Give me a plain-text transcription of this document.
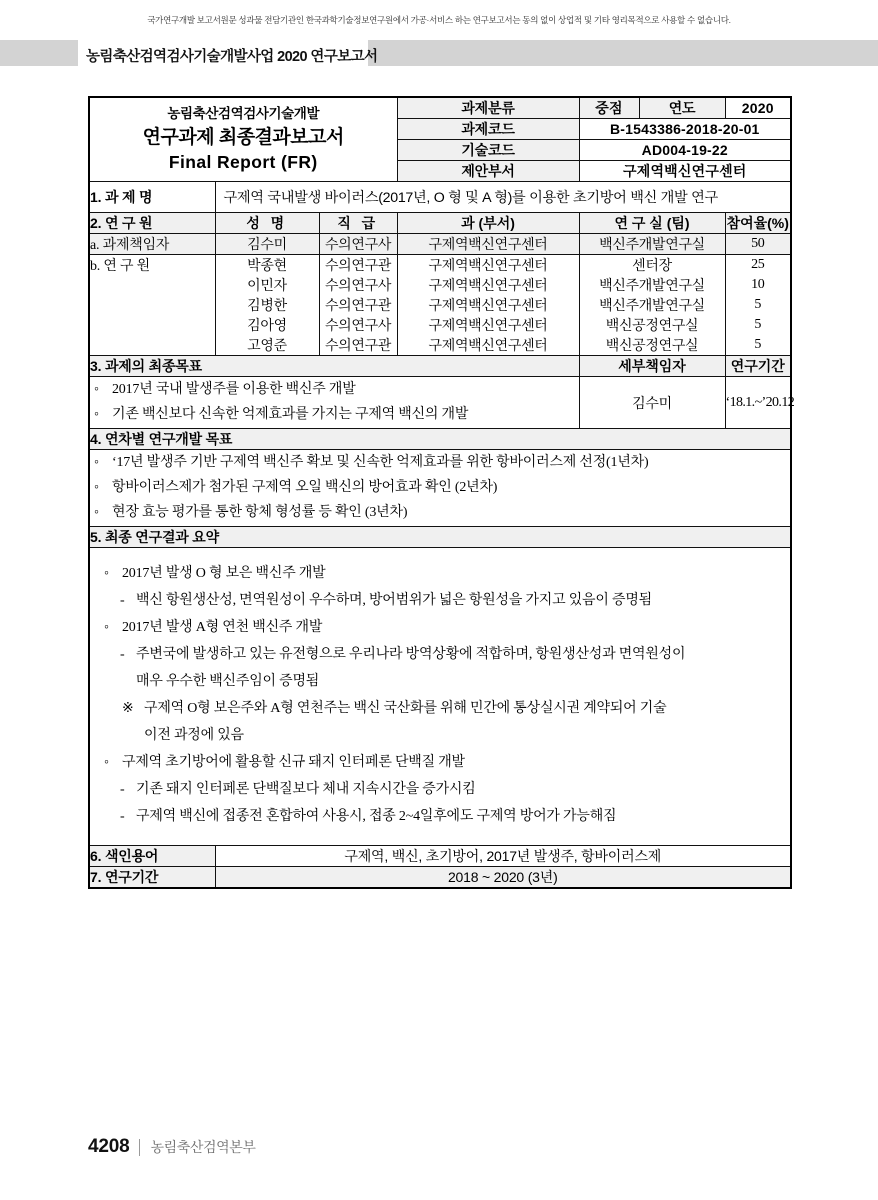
국가연구개발 보고서원문 성과물 전담기관인 한국과학기술정보연구원에서 가공·서비스 하는 연구보고서는 동의 없이 상업적 및 기타 영리목적으로 사용할 수 없습니다.
농림축산검역검사기술개발사업 2020 연구보고서
농림축산검역검사기술개발
연구과제 최종결과보고서
Final Report (FR)			과제분류	중점	연도	2020
			과제코드	B-1543386-2018-20-01		
			기술코드	AD004-19-22		
			제안부서	구제역백신연구센터		
1. 과 제 명	구제역 국내발생 바이러스(2017년, O 형 및 A 형)를 이용한 초기방어 백신 개발 연구					
2. 연 구 원	성 명	직 급	과 (부서)	연 구 실 (팀)		참여율(%)
a. 과제책임자	김수미	수의연구사	구제역백신연구센터	백신주개발연구실		50
b. 연 구 원	박종현	수의연구관	구제역백신연구센터	센터장		25
	이민자	수의연구사	구제역백신연구센터	백신주개발연구실		10
	김병한	수의연구관	구제역백신연구센터	백신주개발연구실		5
	김아영	수의연구사	구제역백신연구센터	백신공정연구실		5
	고영준	수의연구관	구제역백신연구센터	백신공정연구실		5
3. 과제의 최종목표				세부책임자		연구기간

◦ 2017년 국내 발생주를 이용한 백신주 개발
◦ 기존 백신보다 신속한 억제효과를 가지는 구제역 백신의 개발				김수미		‘18.1.~’20.12
4. 연차별 연구개발 목표						

◦ ‘17년 발생주 기반 구제역 백신주 확보 및 신속한 억제효과를 위한 항바이러스제 선정(1년차)
◦ 항바이러스제가 첨가된 구제역 오일 백신의 방어효과 확인 (2년차)
◦ 현장 효능 평가를 통한 항체 형성률 등 확인 (3년차)

5. 최종 연구결과 요약						

◦ 2017년 발생 O 형 보은 백신주 개발
- 백신 항원생산성, 면역원성이 우수하며, 방어범위가 넓은 항원성을 가지고 있음이 증명됨
◦ 2017년 발생 A형 연천 백신주 개발
- 주변국에 발생하고 있는 유전형으로 우리나라 방역상황에 적합하며, 항원생산성과 면역원성이
매우 우수한 백신주임이 증명됨
※ 구제역 O형 보은주와 A형 연천주는 백신 국산화를 위해 민간에 통상실시권 계약되어 기술
이전 과정에 있음
◦ 구제역 초기방어에 활용할 신규 돼지 인터페론 단백질 개발
- 기존 돼지 인터페론 단백질보다 체내 지속시간을 증가시킴
- 구제역 백신에 접종전 혼합하여 사용시, 접종 2~4일후에도 구제역 방어가 가능해짐

6. 색인용어	구제역, 백신, 초기방어, 2017년 발생주, 항바이러스제					
7. 연구기간	2018 ~ 2020 (3년)					
4208 농림축산검역본부
